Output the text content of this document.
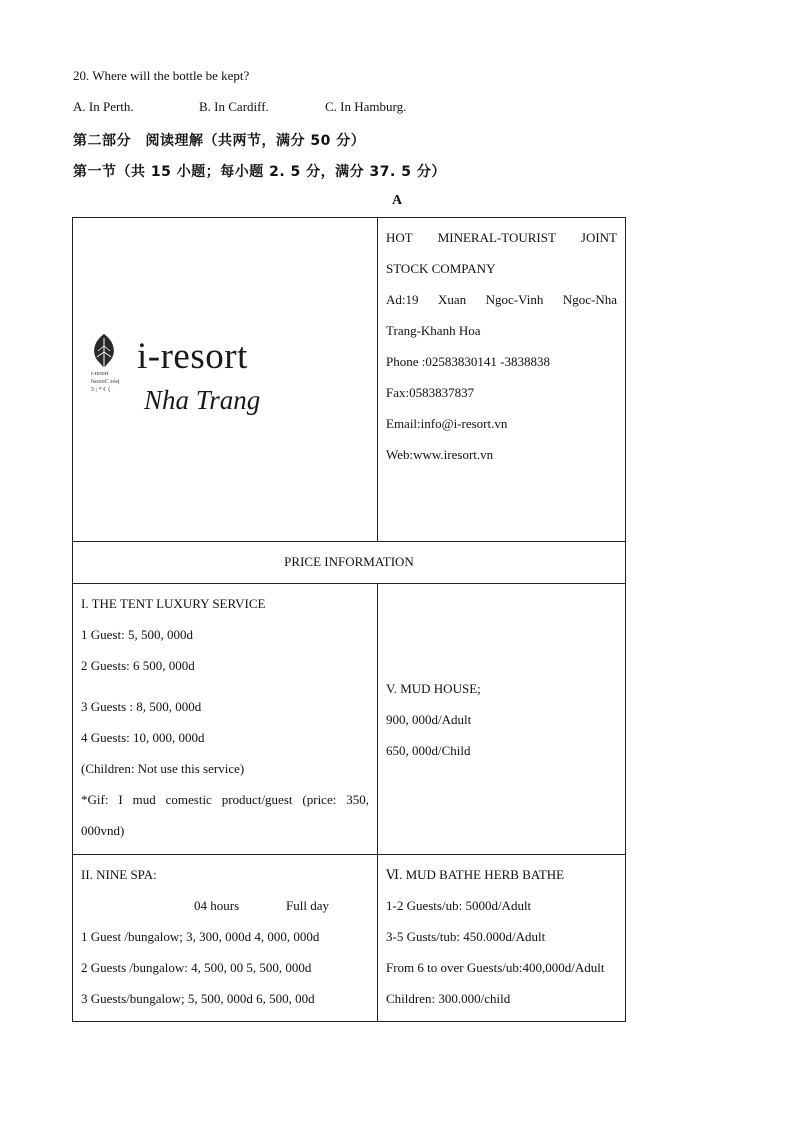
20. Where will the bottle be kept?
A. In Perth.	B. In Cardiff.	C. In Hamburg.
第二部分　阅读理解（共两节，满分 50 分）
第一节（共 15 小题；每小题 2. 5 分，满分 37. 5 分）
A
i-resort
6ssooC sós(
5 ; * ¢ {
i-resort
Nha Trang
HOT MINERAL-TOURIST JOINT
STOCK COMPANY
Ad:19 Xuan Ngoc-Vinh Ngoc-Nha
Trang-Khanh Hoa
Phone :02583830141 -3838838
Fax:0583837837
Email:info@i-resort.vn
Web:www.iresort.vn
PRICE INFORMATION
I. THE TENT LUXURY SERVICE
1 Guest: 5, 500, 000d
2 Guests: 6 500, 000d
3 Guests : 8, 500, 000d
4 Guests: 10, 000, 000d
(Children: Not use this service)
*Gif: I mud comestic product/guest (price: 350,
000vnd)
V. MUD HOUSE;
900, 000d/Adult
650, 000d/Child
II. NINE SPA:
04 hours	Full day
1 Guest /bungalow; 3, 300, 000d 4, 000, 000d
2 Guests /bungalow: 4, 500, 00 5, 500, 000d
3 Guests/bungalow; 5, 500, 000d 6, 500, 00d
Ⅵ. MUD BATHE HERB BATHE
1-2 Guests/ub: 5000d/Adult
3-5 Gusts/tub: 450.000d/Adult
From 6 to over Guests/ub:400,000d/Adult
Children: 300.000/child
